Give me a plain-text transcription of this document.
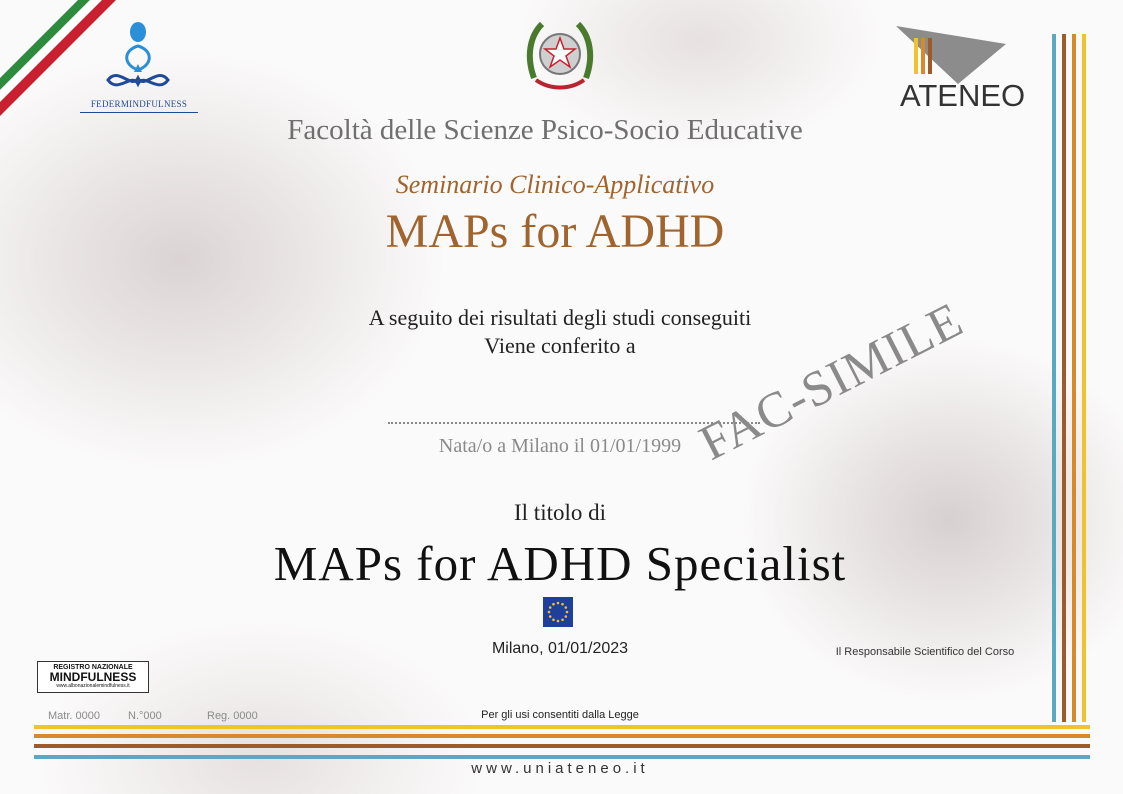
FEDERMINDFULNESS	ATENEO
Facoltà delle Scienze Psico-Socio Educative
Seminario Clinico-Applicativo
MAPs for ADHD
A seguito dei risultati degli studi conseguiti
Viene conferito a
Nata/o a Milano il 01/01/1999 FAC-SIMILE
Il titolo di
MAPs for ADHD Specialist
Milano, 01/01/2023	Il Responsabile Scientifico del Corso
REGISTRO NAZIONALE
MINDFULNESS
www.albonazionalemindfulness.it
Matr. 0000	N.°000	Reg. 0000	Per gli usi consentiti dalla Legge
www.uniateneo.it
